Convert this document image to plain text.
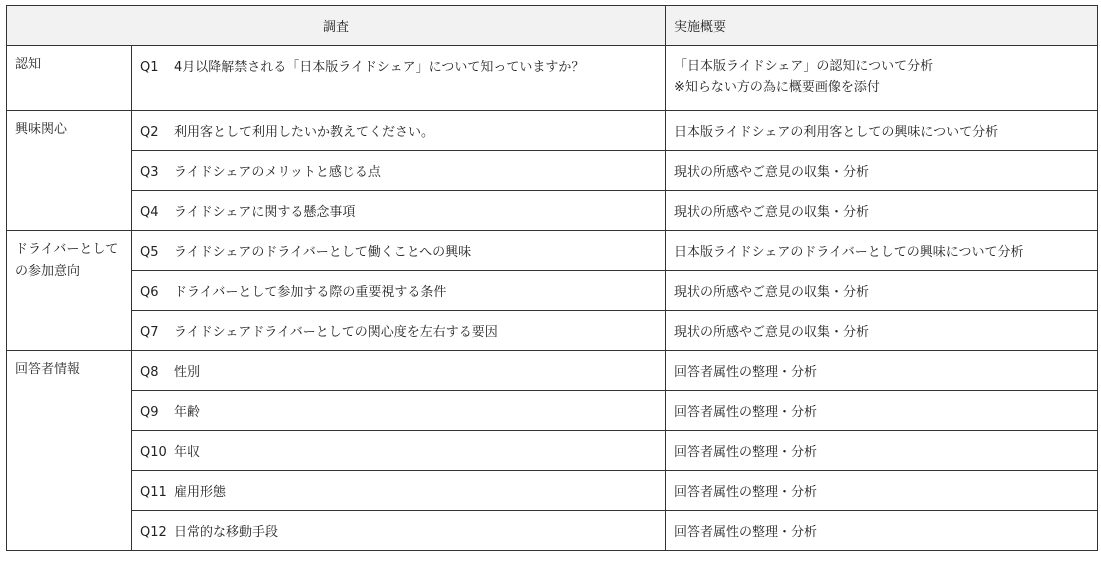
調査		実施概要
認知	Q1 4月以降解禁される「日本版ライドシェア」について知っていますか？	「日本版ライドシェア」の認知について分析
※知らない方の為に概要画像を添付

興味関心	Q2 利用客として利用したいか教えてください。	日本版ライドシェアの利用客としての興味について分析
	Q3 ライドシェアのメリットと感じる点	現状の所感やご意見の収集・分析
	Q4 ライドシェアに関する懸念事項	現状の所感やご意見の収集・分析
ドライバーとしての参加意向	Q5 ライドシェアのドライバーとして働くことへの興味	日本版ライドシェアのドライバーとしての興味について分析
	Q6 ドライバーとして参加する際の重要視する条件	現状の所感やご意見の収集・分析
	Q7 ライドシェアドライバーとしての関心度を左右する要因	現状の所感やご意見の収集・分析
回答者情報	Q8 性別	回答者属性の整理・分析
	Q9 年齢	回答者属性の整理・分析
	Q10 年収	回答者属性の整理・分析
	Q11 雇用形態	回答者属性の整理・分析
	Q12 日常的な移動手段	回答者属性の整理・分析
